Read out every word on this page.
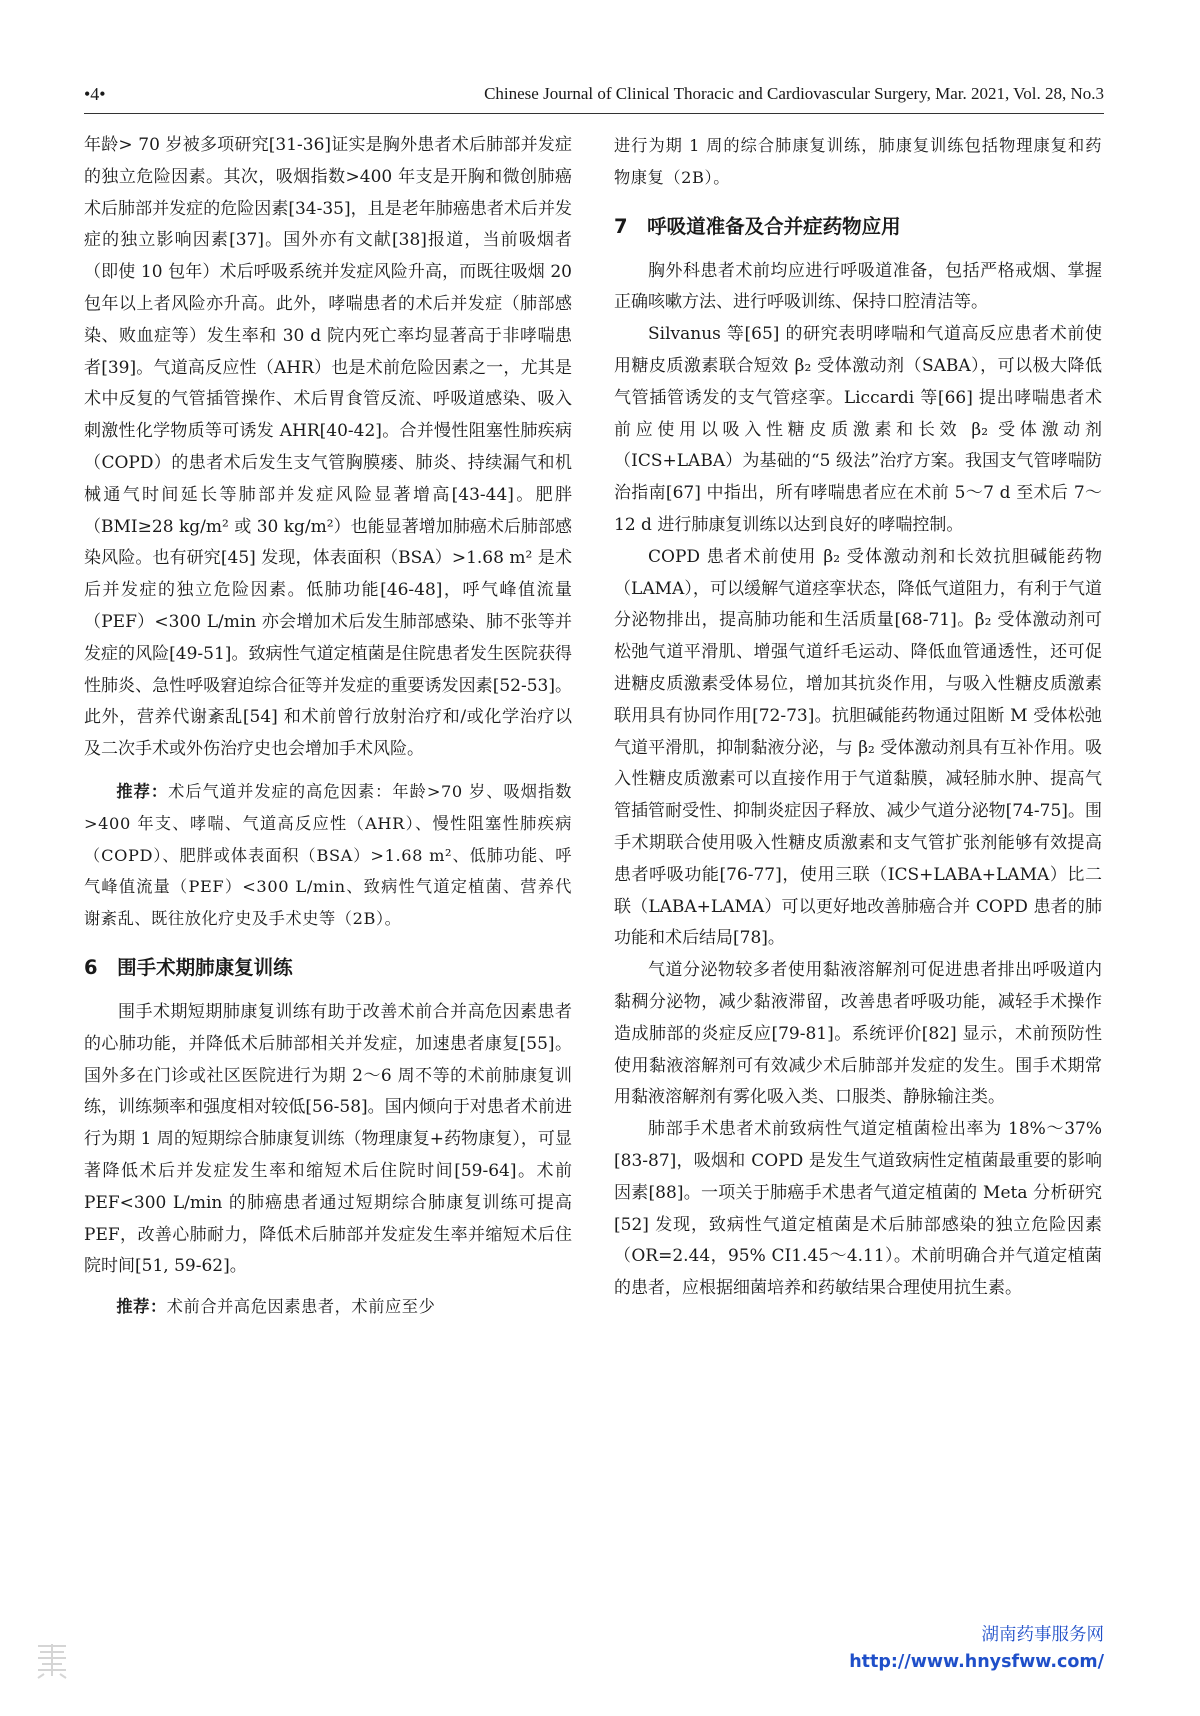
•4•	Chinese Journal of Clinical Thoracic and Cardiovascular Surgery, Mar. 2021, Vol. 28, No.3

年龄> 70 岁被多项研究[31-36]证实是胸外患者术后肺部并发症的独立危险因素。其次，吸烟指数>400 年支是开胸和微创肺癌术后肺部并发症的危险因素[34-35]，且是老年肺癌患者术后并发症的独立影响因素[37]。国外亦有文献[38]报道，当前吸烟者（即使 10 包年）术后呼吸系统并发症风险升高，而既往吸烟 20 包年以上者风险亦升高。此外，哮喘患者的术后并发症（肺部感染、败血症等）发生率和 30 d 院内死亡率均显著高于非哮喘患者[39]。气道高反应性（AHR）也是术前危险因素之一，尤其是术中反复的气管插管操作、术后胃食管反流、呼吸道感染、吸入刺激性化学物质等可诱发 AHR[40-42]。合并慢性阻塞性肺疾病（COPD）的患者术后发生支气管胸膜瘘、肺炎、持续漏气和机械通气时间延长等肺部并发症风险显著增高[43-44]。肥胖（BMI≥28 kg/m² 或 30 kg/m²）也能显著增加肺癌术后肺部感染风险。也有研究[45] 发现，体表面积（BSA）>1.68 m² 是术后并发症的独立危险因素。低肺功能[46-48]，呼气峰值流量（PEF）<300 L/min 亦会增加术后发生肺部感染、肺不张等并发症的风险[49-51]。致病性气道定植菌是住院患者发生医院获得性肺炎、急性呼吸窘迫综合征等并发症的重要诱发因素[52-53]。此外，营养代谢紊乱[54] 和术前曾行放射治疗和/或化学治疗以及二次手术或外伤治疗史也会增加手术风险。

推荐：术后气道并发症的高危因素：年龄>70 岁、吸烟指数>400 年支、哮喘、气道高反应性（AHR）、慢性阻塞性肺疾病（COPD）、肥胖或体表面积（BSA）>1.68 m²、低肺功能、呼气峰值流量（PEF）<300 L/min、致病性气道定植菌、营养代谢紊乱、既往放化疗史及手术史等（2B）。

6　围手术期肺康复训练

围手术期短期肺康复训练有助于改善术前合并高危因素患者的心肺功能，并降低术后肺部相关并发症，加速患者康复[55]。国外多在门诊或社区医院进行为期 2～6 周不等的术前肺康复训练，训练频率和强度相对较低[56-58]。国内倾向于对患者术前进行为期 1 周的短期综合肺康复训练（物理康复+药物康复），可显著降低术后并发症发生率和缩短术后住院时间[59-64]。术前 PEF<300 L/min 的肺癌患者通过短期综合肺康复训练可提高 PEF，改善心肺耐力，降低术后肺部并发症发生率并缩短术后住院时间[51, 59-62]。

推荐：术前合并高危因素患者，术前应至少

进行为期 1 周的综合肺康复训练，肺康复训练包括物理康复和药物康复（2B）。

7　呼吸道准备及合并症药物应用

胸外科患者术前均应进行呼吸道准备，包括严格戒烟、掌握正确咳嗽方法、进行呼吸训练、保持口腔清洁等。

Silvanus 等[65] 的研究表明哮喘和气道高反应患者术前使用糖皮质激素联合短效 β₂ 受体激动剂（SABA），可以极大降低气管插管诱发的支气管痉挛。Liccardi 等[66] 提出哮喘患者术前应使用以吸入性糖皮质激素和长效 β₂ 受体激动剂（ICS+LABA）为基础的“5 级法”治疗方案。我国支气管哮喘防治指南[67] 中指出，所有哮喘患者应在术前 5～7 d 至术后 7～12 d 进行肺康复训练以达到良好的哮喘控制。

COPD 患者术前使用 β₂ 受体激动剂和长效抗胆碱能药物（LAMA），可以缓解气道痉挛状态，降低气道阻力，有利于气道分泌物排出，提高肺功能和生活质量[68-71]。β₂ 受体激动剂可松弛气道平滑肌、增强气道纤毛运动、降低血管通透性，还可促进糖皮质激素受体易位，增加其抗炎作用，与吸入性糖皮质激素联用具有协同作用[72-73]。抗胆碱能药物通过阻断 M 受体松弛气道平滑肌，抑制黏液分泌，与 β₂ 受体激动剂具有互补作用。吸入性糖皮质激素可以直接作用于气道黏膜，减轻肺水肿、提高气管插管耐受性、抑制炎症因子释放、减少气道分泌物[74-75]。围手术期联合使用吸入性糖皮质激素和支气管扩张剂能够有效提高患者呼吸功能[76-77]，使用三联（ICS+LABA+LAMA）比二联（LABA+LAMA）可以更好地改善肺癌合并 COPD 患者的肺功能和术后结局[78]。

气道分泌物较多者使用黏液溶解剂可促进患者排出呼吸道内黏稠分泌物，减少黏液滞留，改善患者呼吸功能，减轻手术操作造成肺部的炎症反应[79-81]。系统评价[82] 显示，术前预防性使用黏液溶解剂可有效减少术后肺部并发症的发生。围手术期常用黏液溶解剂有雾化吸入类、口服类、静脉输注类。

肺部手术患者术前致病性气道定植菌检出率为 18%～37% [83-87]，吸烟和 COPD 是发生气道致病性定植菌最重要的影响因素[88]。一项关于肺癌手术患者气道定植菌的 Meta 分析研究[52] 发现，致病性气道定植菌是术后肺部感染的独立危险因素（OR=2.44，95% CI1.45～4.11）。术前明确合并气道定植菌的患者，应根据细菌培养和药敏结果合理使用抗生素。

湖南药事服务网
http://www.hnysfww.com/
